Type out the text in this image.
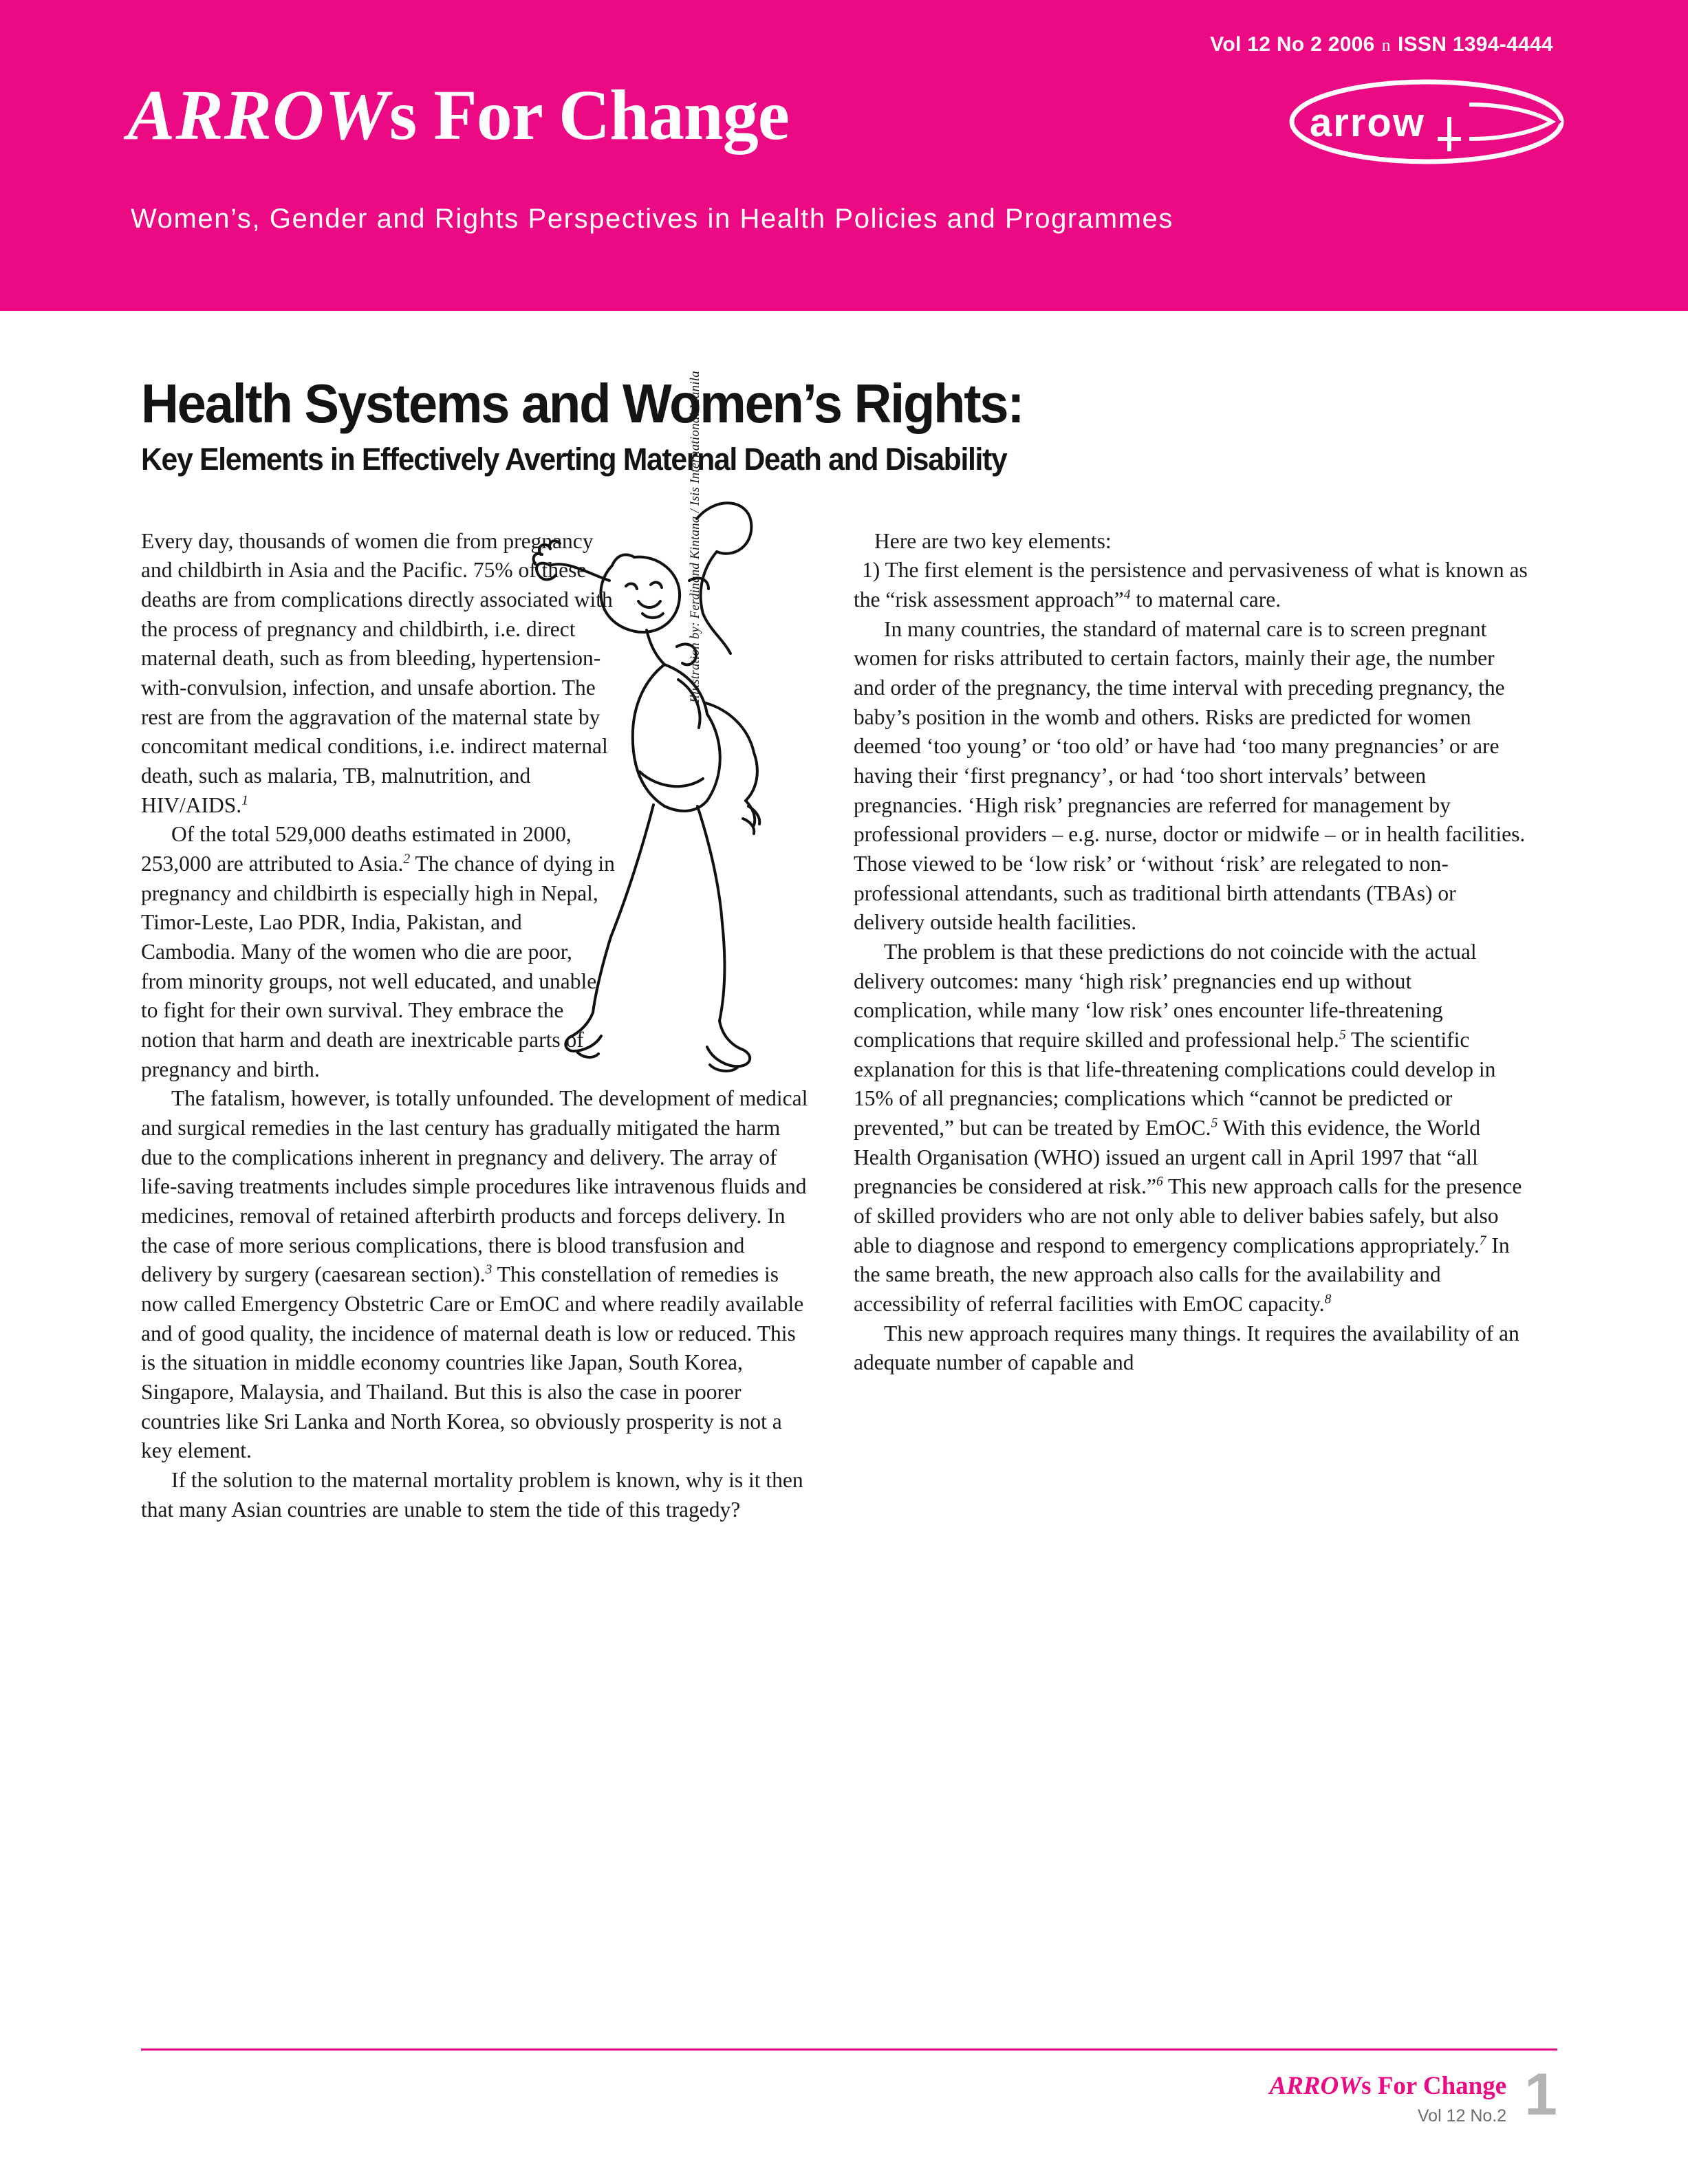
Vol 12 No 2 2006 n ISSN 1394-4444
ARROWs For Change
Women’s, Gender and Rights Perspectives in Health Policies and Programmes
arrow
Health Systems and Women’s Rights:
Key Elements in Effectively Averting Maternal Death and Disability
Illustration by: Ferdinand Kintana / Isis International Manila

Every day, thousands of women die from pregnancy and childbirth in Asia and the Pacific. 75% of these deaths are from complications directly associated with the process of pregnancy and childbirth, i.e. direct maternal death, such as from bleeding, hypertension-with-convulsion, infection, and unsafe abortion. The rest are from the aggravation of the maternal state by concomitant medical conditions, i.e. indirect maternal death, such as malaria, TB, malnutrition, and HIV/AIDS.$^1$

Of the total 529,000 deaths estimated in 2000, 253,000 are attributed to Asia.$^2$ The chance of dying in pregnancy and childbirth is especially high in Nepal, Timor-Leste, Lao PDR, India, Pakistan, and Cambodia. Many of the women who die are poor, from minority groups, not well educated, and unable to fight for their own survival. They embrace the notion that harm and death are inextricable parts of pregnancy and birth.

The fatalism, however, is totally unfounded. The development of medical and surgical remedies in the last century has gradually mitigated the harm due to the complications inherent in pregnancy and delivery. The array of life-saving treatments includes simple procedures like intravenous fluids and medicines, removal of retained afterbirth products and forceps delivery. In the case of more serious complications, there is blood transfusion and delivery by surgery (caesarean section).$^3$ This constellation of remedies is now called Emergency Obstetric Care or EmOC and where readily available and of good quality, the incidence of maternal death is low or reduced. This is the situation in middle economy countries like Japan, South Korea, Singapore, Malaysia, and Thailand. But this is also the case in poorer countries like Sri Lanka and North Korea, so obviously prosperity is not a key element.

If the solution to the maternal mortality problem is known, why is it then that many Asian countries are unable to stem the tide of this tragedy?

Here are two key elements:

1) The first element is the persistence and pervasiveness of what is known as the “risk assessment approach”$^4$ to maternal care.

In many countries, the standard of maternal care is to screen pregnant women for risks attributed to certain factors, mainly their age, the number and order of the pregnancy, the time interval with preceding pregnancy, the baby’s position in the womb and others. Risks are predicted for women deemed ‘too young’ or ‘too old’ or have had ‘too many pregnancies’ or are having their ‘first pregnancy’, or had ‘too short intervals’ between pregnancies. ‘High risk’ pregnancies are referred for management by professional providers – e.g. nurse, doctor or midwife – or in health facilities. Those viewed to be ‘low risk’ or ‘without ‘risk’ are relegated to non-professional attendants, such as traditional birth attendants (TBAs) or delivery outside health facilities.

The problem is that these predictions do not coincide with the actual delivery outcomes: many ‘high risk’ pregnancies end up without complication, while many ‘low risk’ ones encounter life-threatening complications that require skilled and professional help.$^5$ The scientific explanation for this is that life-threatening complications could develop in 15% of all pregnancies; complications which “cannot be predicted or prevented,” but can be treated by EmOC.$^5$ With this evidence, the World Health Organisation (WHO) issued an urgent call in April 1997 that “all pregnancies be considered at risk.”$^6$ This new approach calls for the presence of skilled providers who are not only able to deliver babies safely, but also able to diagnose and respond to emergency complications appropriately.$^7$ In the same breath, the new approach also calls for the availability and accessibility of referral facilities with EmOC capacity.$^8$

This new approach requires many things. It requires the availability of an adequate number of capable and

ARROWs For Change
Vol 12 No.2 1
